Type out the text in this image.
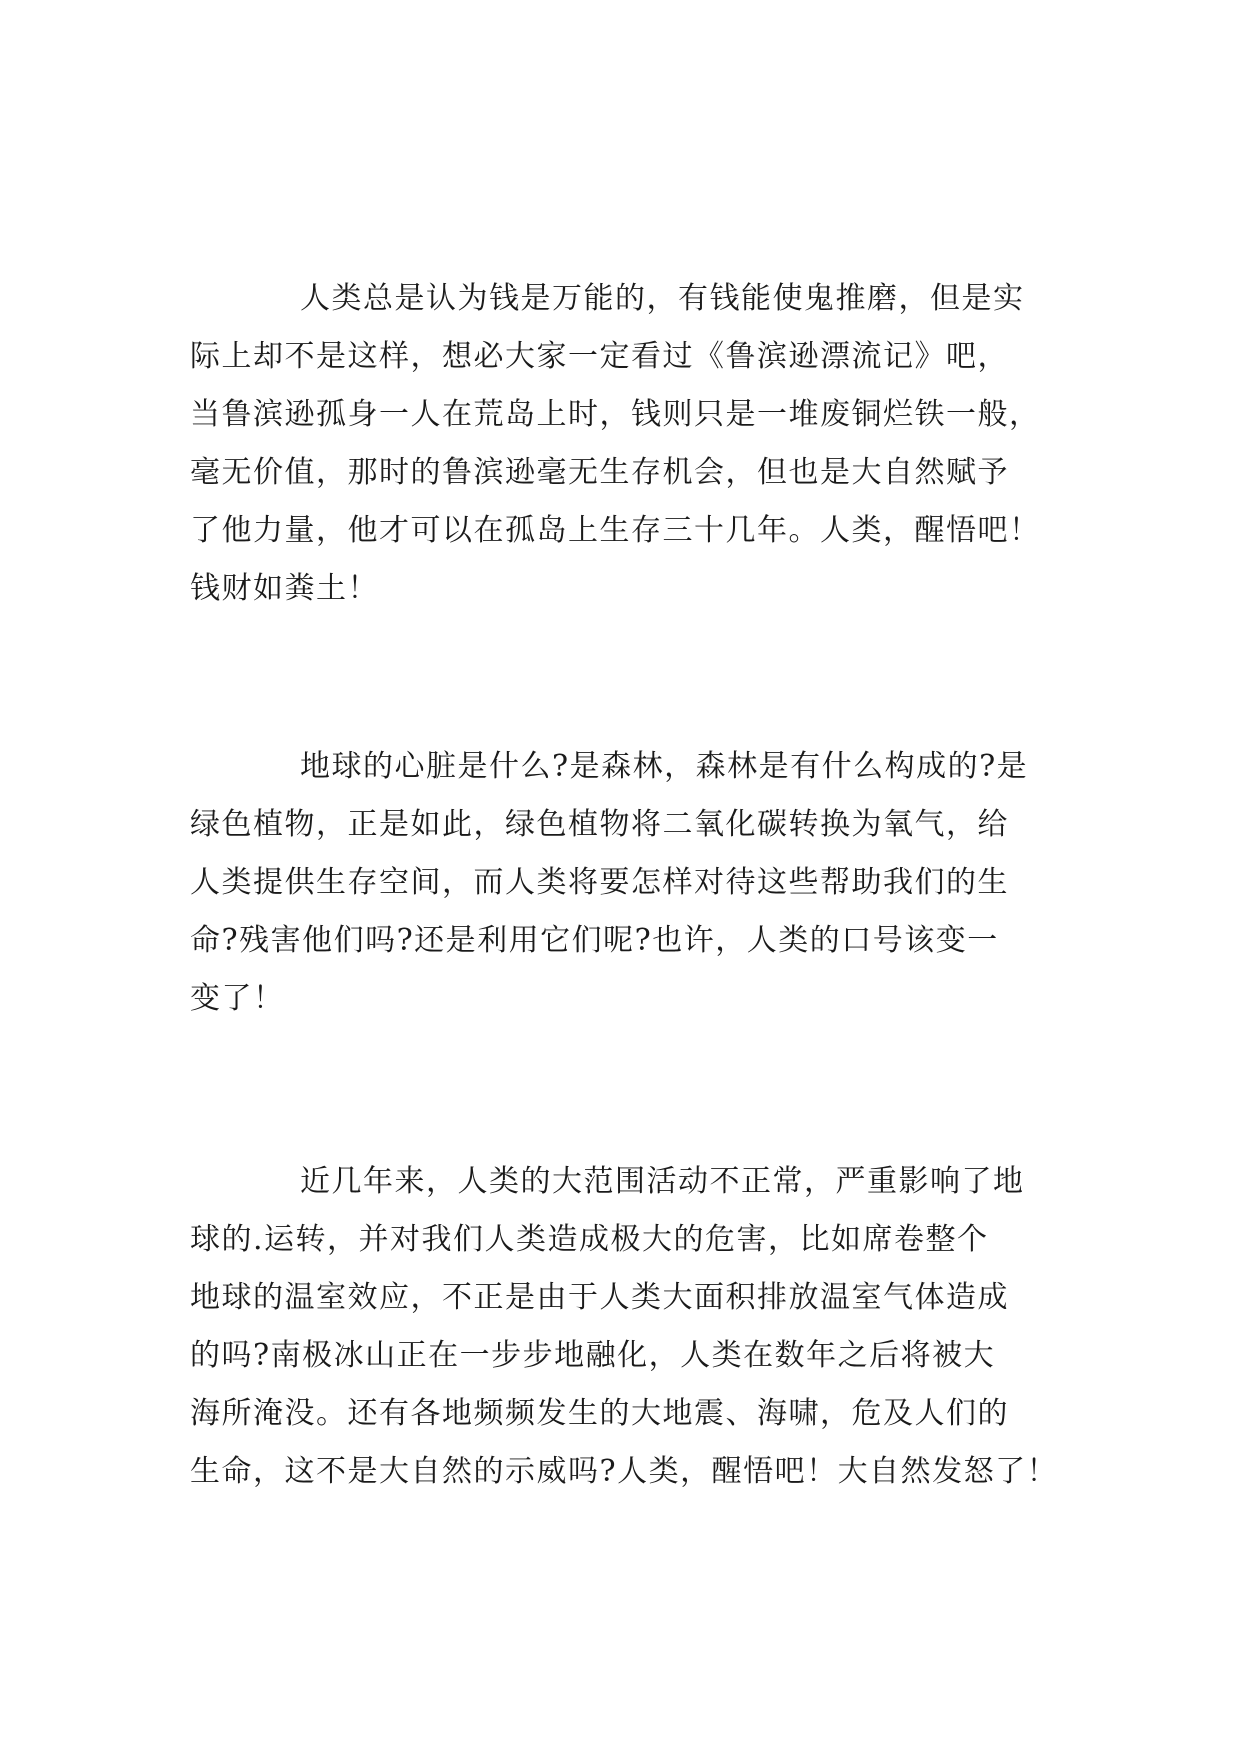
人类总是认为钱是万能的，有钱能使鬼推磨，但是实
际上却不是这样，想必大家一定看过《鲁滨逊漂流记》吧，
当鲁滨逊孤身一人在荒岛上时，钱则只是一堆废铜烂铁一般，
毫无价值，那时的鲁滨逊毫无生存机会，但也是大自然赋予
了他力量，他才可以在孤岛上生存三十几年。人类，醒悟吧！
钱财如粪土！

地球的心脏是什么?是森林，森林是有什么构成的?是
绿色植物，正是如此，绿色植物将二氧化碳转换为氧气，给
人类提供生存空间，而人类将要怎样对待这些帮助我们的生
命?残害他们吗?还是利用它们呢?也许，人类的口号该变一
变了！

近几年来，人类的大范围活动不正常，严重影响了地
球的.运转，并对我们人类造成极大的危害，比如席卷整个
地球的温室效应，不正是由于人类大面积排放温室气体造成
的吗?南极冰山正在一步步地融化，人类在数年之后将被大
海所淹没。还有各地频频发生的大地震、海啸，危及人们的
生命，这不是大自然的示威吗?人类，醒悟吧！大自然发怒了！
